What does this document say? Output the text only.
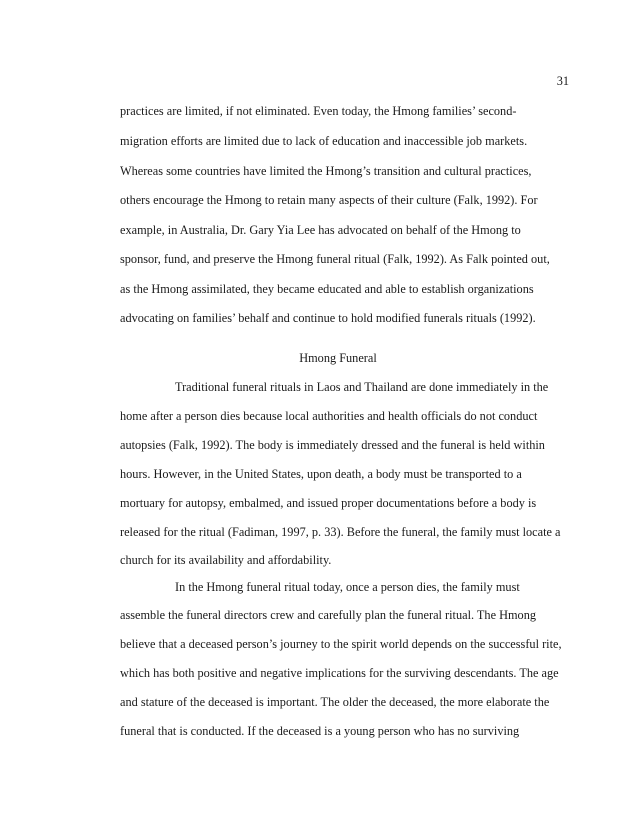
31
practices are limited, if not eliminated. Even today, the Hmong families’ second-
migration efforts are limited due to lack of education and inaccessible job markets.
Whereas some countries have limited the Hmong’s transition and cultural practices,
others encourage the Hmong to retain many aspects of their culture (Falk, 1992). For
example, in Australia, Dr. Gary Yia Lee has advocated on behalf of the Hmong to
sponsor, fund, and preserve the Hmong funeral ritual (Falk, 1992). As Falk pointed out,
as the Hmong assimilated, they became educated and able to establish organizations
advocating on families’ behalf and continue to hold modified funerals rituals (1992).
Hmong Funeral
Traditional funeral rituals in Laos and Thailand are done immediately in the
home after a person dies because local authorities and health officials do not conduct
autopsies (Falk, 1992). The body is immediately dressed and the funeral is held within
hours. However, in the United States, upon death, a body must be transported to a
mortuary for autopsy, embalmed, and issued proper documentations before a body is
released for the ritual (Fadiman, 1997, p. 33). Before the funeral, the family must locate a
church for its availability and affordability.
In the Hmong funeral ritual today, once a person dies, the family must
assemble the funeral directors crew and carefully plan the funeral ritual. The Hmong
believe that a deceased person’s journey to the spirit world depends on the successful rite,
which has both positive and negative implications for the surviving descendants. The age
and stature of the deceased is important. The older the deceased, the more elaborate the
funeral that is conducted. If the deceased is a young person who has no surviving
